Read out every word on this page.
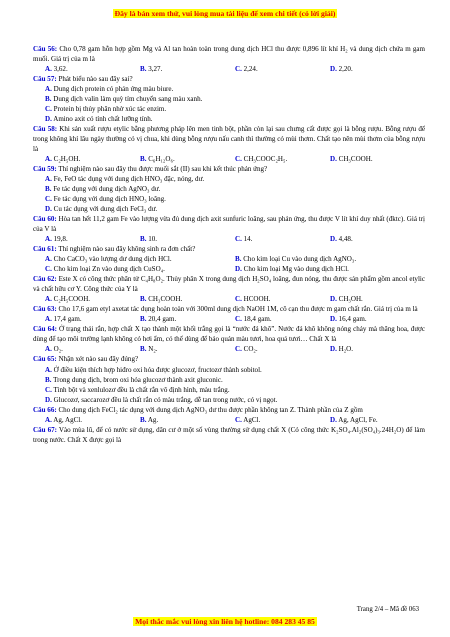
Đây là bản xem thử, vui lòng mua tài liệu để xem chi tiết (có lời giải)

Câu 56: Cho 0,78 gam hỗn hợp gồm Mg và Al tan hoàn toàn trong dung dịch HCl thu được 0,896 lít khí H₂ và dung dịch chứa m gam muối. Giá trị của m là

A. 3,62.	B. 3,27.	C. 2,24.	D. 2,20.

Câu 57: Phát biểu nào sau đây sai?

A. Dung dịch protein có phản ứng màu biure.
B. Dung dịch valin làm quỳ tím chuyển sang màu xanh.
C. Protein bị thủy phân nhờ xúc tác enzim.
D. Amino axit có tính chất lưỡng tính.

Câu 58: Khi sản xuất rượu etylic bằng phương pháp lên men tinh bột, phần còn lại sau chưng cất được gọi là bỗng rượu. Bỗng rượu để trong không khí lâu ngày thường có vị chua, khi dùng bỗng rượu nấu canh thì thường có mùi thơm. Chất tạo nên mùi thơm của bỗng rượu là

A. C₂H₅OH.	B. C₆H₁₂O₆.	C. CH₃COOC₂H₅.	D. CH₃COOH.

Câu 59: Thí nghiệm nào sau đây thu được muối sắt (II) sau khi kết thúc phản ứng?

A. Fe, FeO tác dụng với dung dịch HNO₃ đặc, nóng, dư.
B. Fe tác dụng với dung dịch AgNO₃ dư.
C. Fe tác dụng với dung dịch HNO₃ loãng.
D. Cu tác dụng với dung dịch FeCl₃ dư.

Câu 60: Hòa tan hết 11,2 gam Fe vào lượng vừa đủ dung dịch axit sunfuric loãng, sau phản ứng, thu được V lít khí duy nhất (đktc). Giá trị của V là

A. 19,8.	B. 10.	C. 14.	D. 4,48.

Câu 61: Thí nghiệm nào sau đây không sinh ra đơn chất?

A. Cho CaCO₃ vào lượng dư dung dịch HCl.	B. Cho kim loại Cu vào dung dịch AgNO₃.
C. Cho kim loại Zn vào dung dịch CuSO₄.	D. Cho kim loại Mg vào dung dịch HCl.

Câu 62: Este X có công thức phân tử C₄H₈O₂. Thủy phân X trong dung dịch H₂SO₄ loãng, đun nóng, thu được sản phẩm gồm ancol etylic và chất hữu cơ Y. Công thức của Y là

A. C₂H₅COOH.	B. CH₃COOH.	C. HCOOH.	D. CH₃OH.

Câu 63: Cho 17,6 gam etyl axetat tác dụng hoàn toàn với 300ml dung dịch NaOH 1M, cô cạn thu được m gam chất rắn. Giá trị của m là

A. 17,4 gam.	B. 20,4 gam.	C. 18,4 gam.	D. 16,4 gam.

Câu 64: Ở trạng thái rắn, hợp chất X tạo thành một khối trắng gọi là “nước đá khô”. Nước đá khô không nóng chảy mà thăng hoa, được dùng để tạo môi trường lạnh không có hơi ẩm, có thể dùng để bảo quản màu tươi, hoa quả tươi… Chất X là

A. O₂.	B. N₂.	C. CO₂.	D. H₂O.

Câu 65: Nhận xét nào sau đây đúng?

A. Ở điều kiện thích hợp hiđro oxi hóa được glucozơ, fructozơ thành sobitol.
B. Trong dung dịch, brom oxi hóa glucozơ thành axit gluconic.
C. Tinh bột và xenlulozơ đều là chất rắn vô định hình, màu trắng.
D. Glucozơ, saccarozơ đều là chất rắn có màu trắng, dễ tan trong nước, có vị ngọt.

Câu 66: Cho dung dịch FeCl₂ tác dụng với dung dịch AgNO₃ dư thu được phần không tan Z. Thành phần của Z gồm

A. Ag, AgCl.	B. Ag.	C. AgCl.	D. Ag, AgCl, Fe.

Câu 67: Vào mùa lũ, để có nước sử dụng, dân cư ở một số vùng thường sử dụng chất X (Có công thức K₂SO₄.Al₂(SO₄)₃.24H₂O) để làm trong nước. Chất X được gọi là

Trang 2/4 – Mã đề 063
Mọi thắc mắc vui lòng xin liên hệ hotline: 084 283 45 85
